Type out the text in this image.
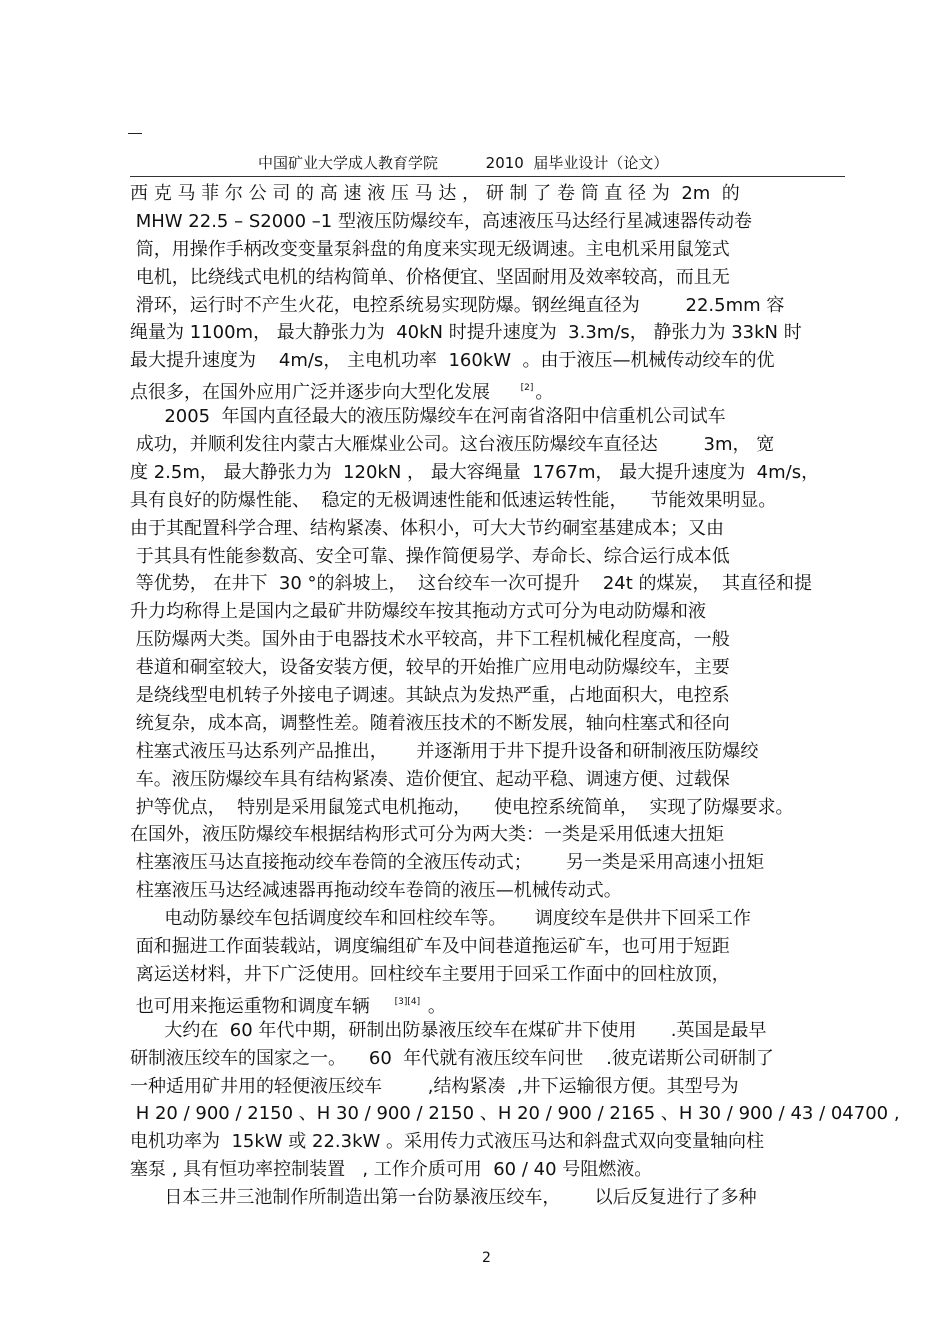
中国矿业大学成人教育学院          2010  届毕业设计（论文）
西 克 马 菲 尔 公 司 的 高 速 液 压 马 达 ， 研 制 了 卷 筒 直 径 为  2m  的
MHW 22.5 – S2000 –1 型液压防爆绞车，高速液压马达经行星减速器传动卷
筒，用操作手柄改变变量泵斜盘的角度来实现无级调速。主电机采用鼠笼式
电机，比绕线式电机的结构简单、价格便宜、坚固耐用及效率较高，而且无
滑环，运行时不产生火花，电控系统易实现防爆。钢丝绳直径为        22.5mm 容
绳量为 1100m， 最大静张力为  40kN 时提升速度为  3.3m/s， 静张力为 33kN 时
最大提升速度为    4m/s， 主电机功率  160kW  。由于液压—机械传动绞车的优
点很多，在国外应用广泛并逐步向大型化发展     [2] 。
2005  年国内直径最大的液压防爆绞车在河南省洛阳中信重机公司试车
成功，并顺利发往内蒙古大雁煤业公司。这台液压防爆绞车直径达        3m， 宽
度 2.5m， 最大静张力为  120kN ， 最大容绳量  1767m， 最大提升速度为  4m/s，
具有良好的防爆性能、  稳定的无极调速性能和低速运转性能，    节能效果明显。
由于其配置科学合理、结构紧凑、体积小，可大大节约硐室基建成本；又由
于其具有性能参数高、安全可靠、操作简便易学、寿命长、综合运行成本低
等优势， 在井下  30 °的斜坡上，  这台绞车一次可提升    24t 的煤炭，  其直径和提
升力均称得上是国内之最矿井防爆绞车按其拖动方式可分为电动防爆和液
压防爆两大类。国外由于电器技术水平较高，井下工程机械化程度高，一般
巷道和硐室较大，设备安装方便，较早的开始推广应用电动防爆绞车，主要
是绕线型电机转子外接电子调速。其缺点为发热严重，占地面积大，电控系
统复杂，成本高，调整性差。随着液压技术的不断发展，轴向柱塞式和径向
柱塞式液压马达系列产品推出，     并逐渐用于井下提升设备和研制液压防爆绞
车。液压防爆绞车具有结构紧凑、造价便宜、起动平稳、调速方便、过载保
护等优点，  特别是采用鼠笼式电机拖动，    使电控系统简单，  实现了防爆要求。
在国外，液压防爆绞车根据结构形式可分为两大类：一类是采用低速大扭矩
柱塞液压马达直接拖动绞车卷筒的全液压传动式；      另一类是采用高速小扭矩
柱塞液压马达经减速器再拖动绞车卷筒的液压—机械传动式。
电动防暴绞车包括调度绞车和回柱绞车等。     调度绞车是供井下回采工作
面和掘进工作面装载站，调度编组矿车及中间巷道拖运矿车，也可用于短距
离运送材料，井下广泛使用。回柱绞车主要用于回采工作面中的回柱放顶，
也可用来拖运重物和调度车辆    [3][4] 。
大约在  60 年代中期，研制出防暴液压绞车在煤矿井下使用      .英国是最早
研制液压绞车的国家之一。    60  年代就有液压绞车问世    .彼克诺斯公司研制了
一种适用矿井用的轻便液压绞车        ,结构紧凑  ,井下运输很方便。其型号为
H 20 / 900 / 2150 、H 30 / 900 / 2150 、H 20 / 900 / 2165 、H 30 / 900 / 43 / 04700 ,
电机功率为  15kW 或 22.3kW 。采用传力式液压马达和斜盘式双向变量轴向柱
塞泵 , 具有恒功率控制装置   , 工作介质可用  60 / 40 号阻燃液。
日本三井三池制作所制造出第一台防暴液压绞车，      以后反复进行了多种
2
